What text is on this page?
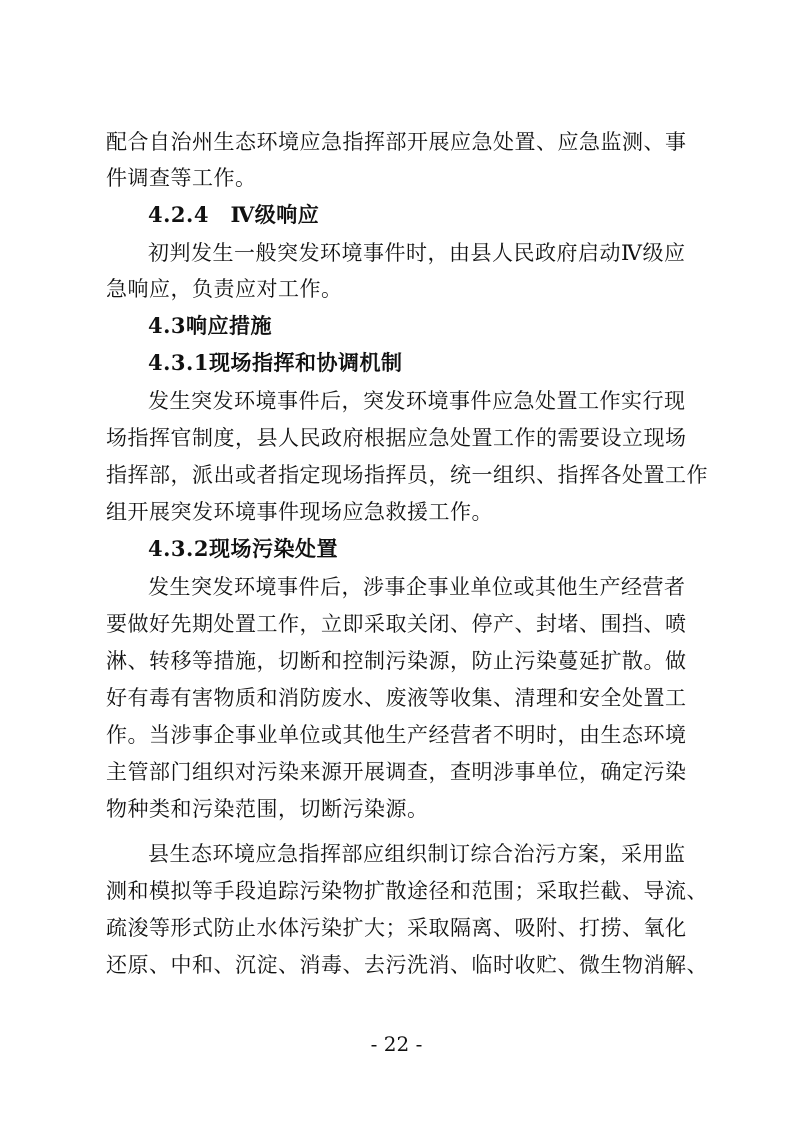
配合自治州生态环境应急指挥部开展应急处置、应急监测、事
件调查等工作。
4.2.4　Ⅳ级响应
初判发生一般突发环境事件时，由县人民政府启动Ⅳ级应
急响应，负责应对工作。
4.3响应措施
4.3.1现场指挥和协调机制
发生突发环境事件后，突发环境事件应急处置工作实行现
场指挥官制度，县人民政府根据应急处置工作的需要设立现场
指挥部，派出或者指定现场指挥员，统一组织、指挥各处置工作
组开展突发环境事件现场应急救援工作。
4.3.2现场污染处置
发生突发环境事件后，涉事企事业单位或其他生产经营者
要做好先期处置工作，立即采取关闭、停产、封堵、围挡、喷
淋、转移等措施，切断和控制污染源，防止污染蔓延扩散。做
好有毒有害物质和消防废水、废液等收集、清理和安全处置工
作。当涉事企事业单位或其他生产经营者不明时，由生态环境
主管部门组织对污染来源开展调查，查明涉事单位，确定污染
物种类和污染范围，切断污染源。
县生态环境应急指挥部应组织制订综合治污方案，采用监
测和模拟等手段追踪污染物扩散途径和范围；采取拦截、导流、
疏浚等形式防止水体污染扩大；采取隔离、吸附、打捞、氧化
还原、中和、沉淀、消毒、去污洗消、临时收贮、微生物消解、
- 22 -
